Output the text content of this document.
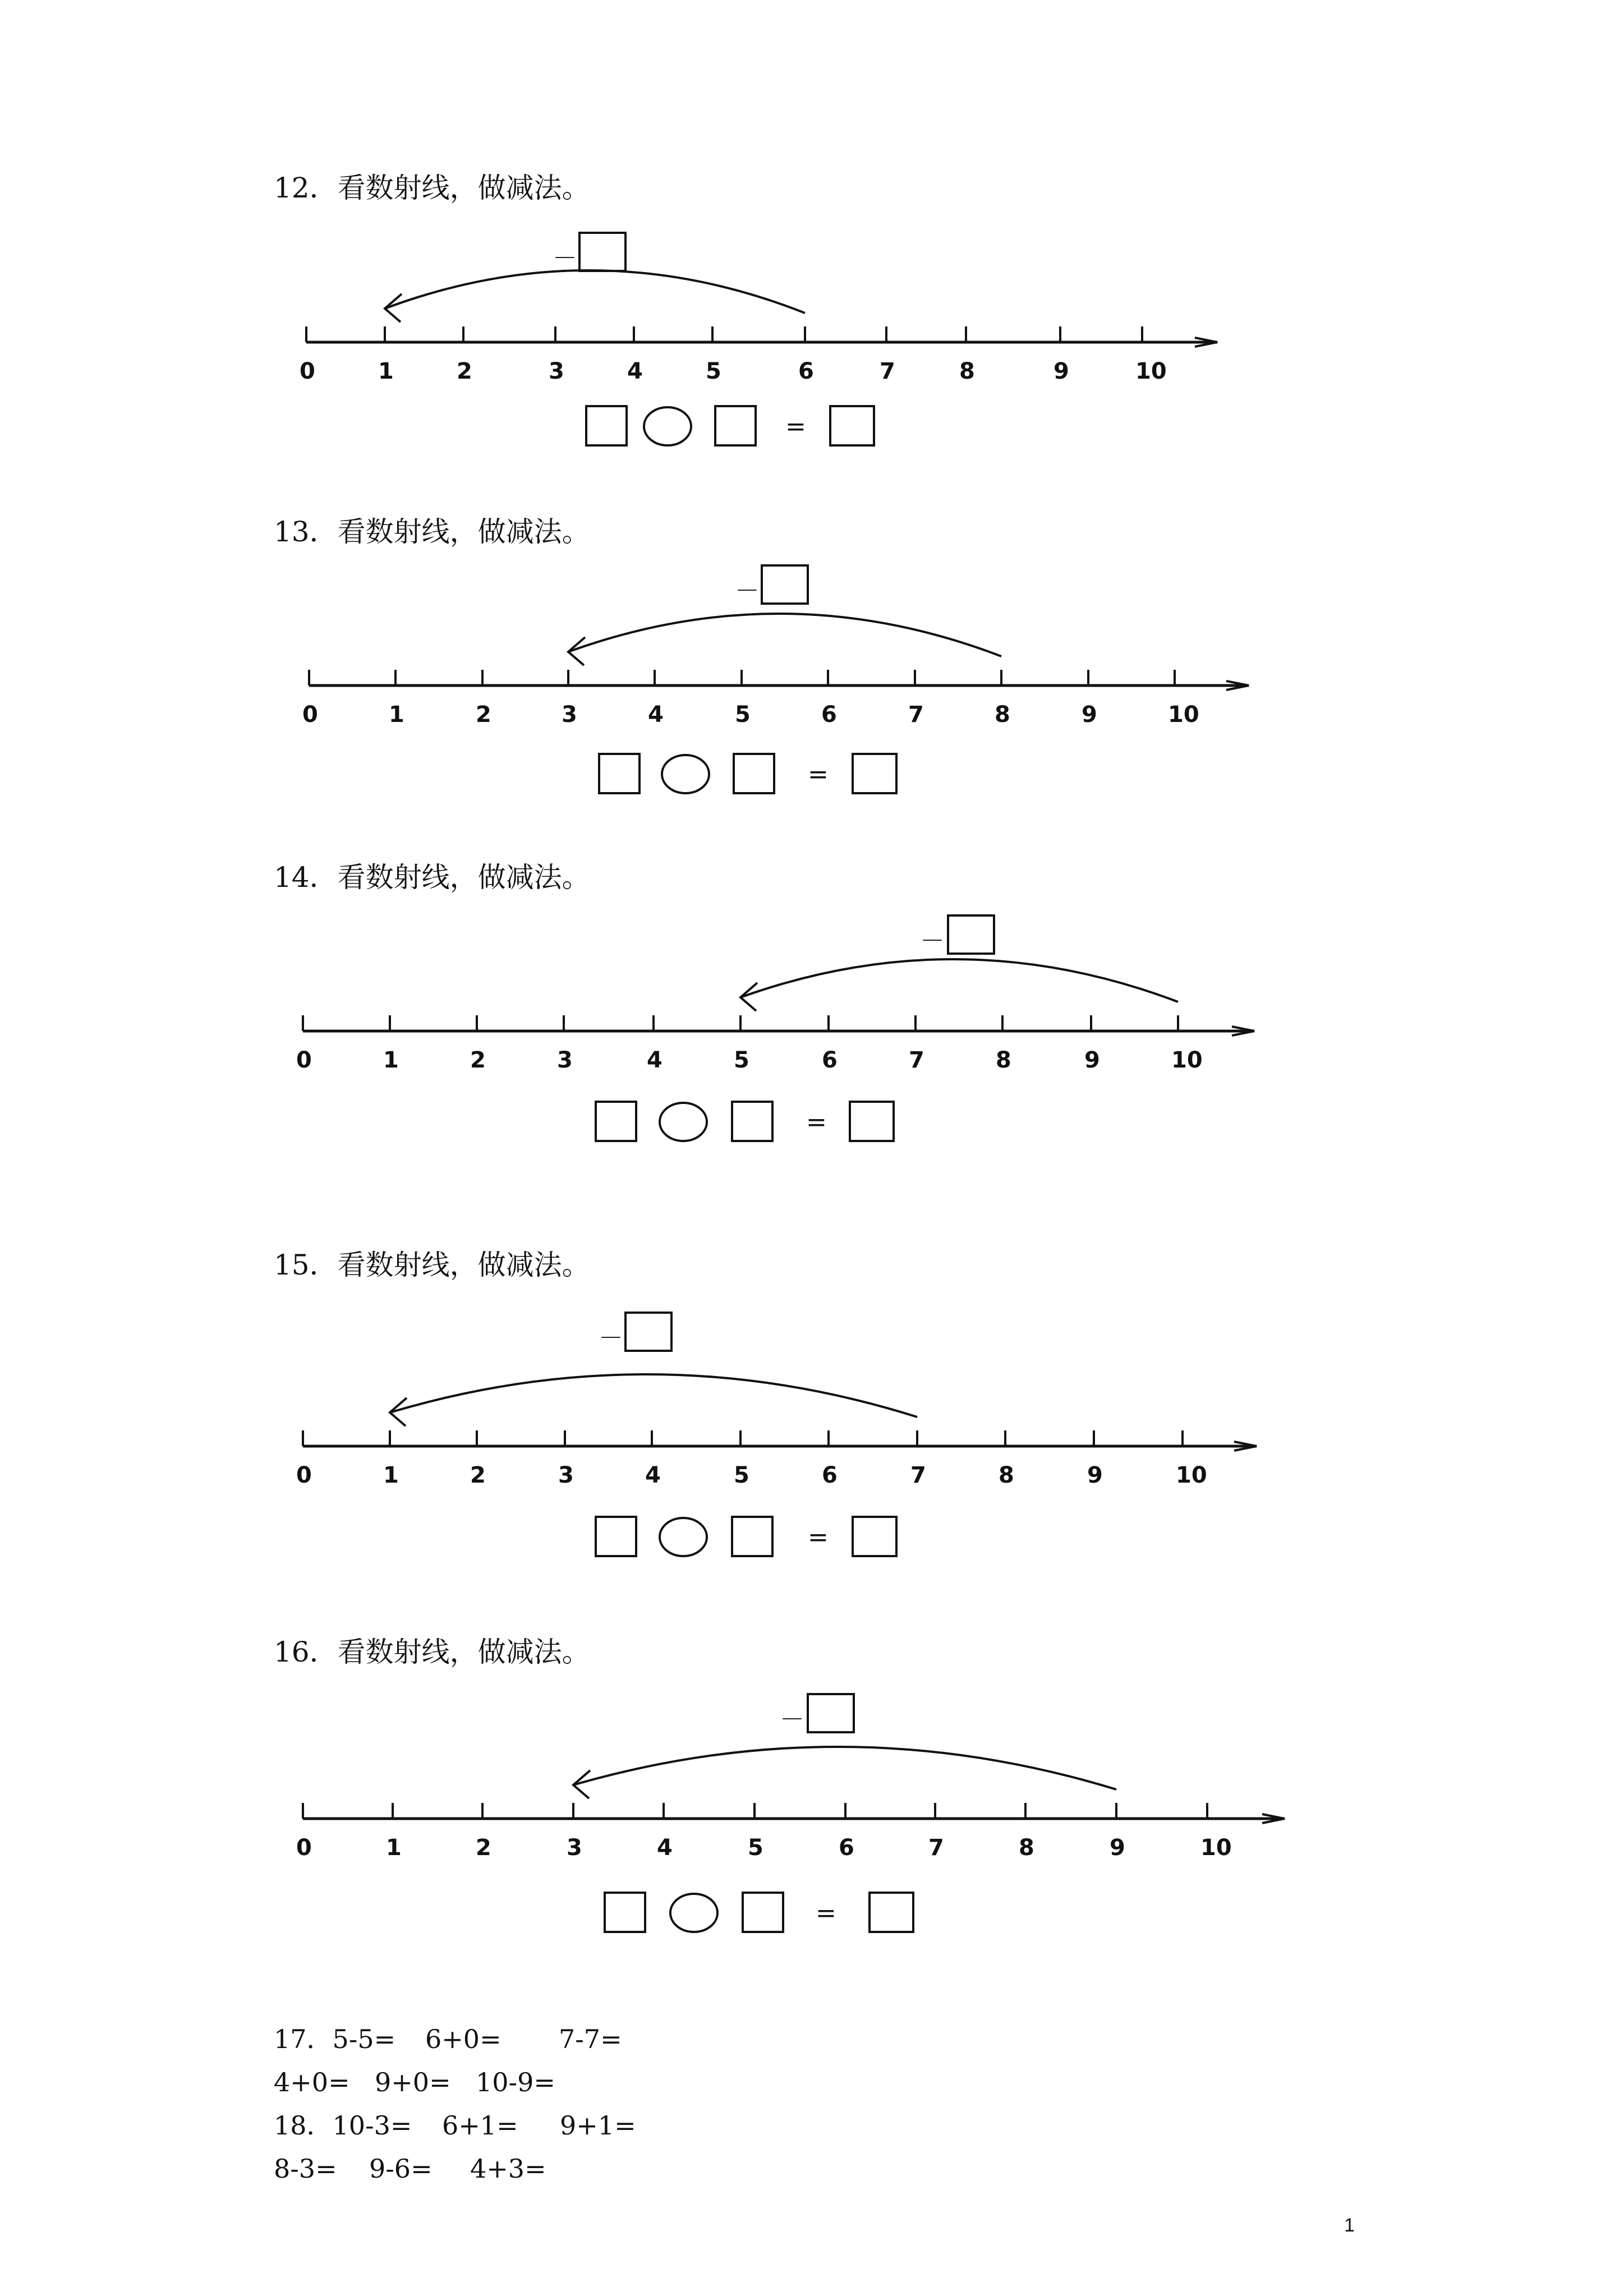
12．看数射线，做减法。
0	1	2	3	4	5	6	7	8	9	10
－
=
13．看数射线，做减法。
0	1	2	3	4	5	6	7	8	9	10
－
=
14．看数射线，做减法。
0	1	2	3	4	5	6	7	8	9	10
－
=
15．看数射线，做减法。
0	1	2	3	4	5	6	7	8	9	10
－
=
16．看数射线，做减法。
0	1	2	3	4	5	6	7	8	9	10
－
=
17．5-5= 6+0= 7-7=
4+0= 9+0= 10-9=
18．10-3= 6+1= 9+1=
8-3= 9-6= 4+3=
1
